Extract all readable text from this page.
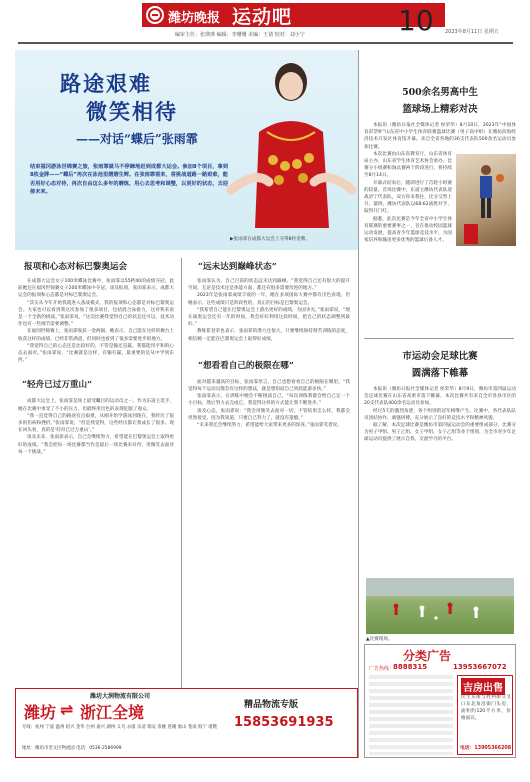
潍坊晚报 运动吧	10 2023年8月11日 星期五
编审主任：张瑛瑛 编辑：李珊珊 美编：王倩 校对：刘小宁
路途艰难
微笑相待
——对话“蝶后”张雨霏
结束福冈游泳世锦赛之旅，张雨霏就马不停蹄地赶到成都大运会。参加8个项目，拿到8枚金牌——“蝶后”再次在泳池里熠熠生辉。在张雨霏看来，将挑战道路一路艰难，能否用好心态对待，再次自由这么多年的磨炼，用心去思考和调整，以更好的状态，去迎接未来。
▶张雨霏在成都大运会上夺得8枚金牌。
报项和心态对标巴黎奥运会

在成都大运会女子100米蝶泳比赛中，张雨霏以55秒40的成绩夺冠，此前她还在福冈世锦赛女子200米蝶泳中夺冠。谈及报项，张雨霏表示，成都大运会的报项和心态都是对标巴黎奥运会。

“其实从今年开始我就进入备战模式，我的报项和心态都是对标巴黎奥运会。大家也可以看到我这次参加了很多项目，包括混合泳接力，这对我来说是一个全新的挑战。”张雨霏说，“这次比赛我觉得自己的状态还可以，技术动作也有一些细节需要调整。”

在福冈世锦赛上，张雨霏收获一金两铜。她表示，自己能在这样的舞台上收获这样的成绩，已经非常满意，但同时也看到了很多需要进步的地方。

“我觉得自己的心态还是比较好的，不管是输还是赢，我都能用平和的心态去面对。”张雨霏说，“比赛就是这样，有输有赢，最重要的是从中学到东西。”

“轻舟已过万重山”

成都大运会上，张雨霏是场上最受瞩目的运动员之一。作为东道主选手，她在比赛中承受了不小的压力，但最终用出色的表现征服了观众。

“我一直觉得自己的路途有点艰难，从刚开始学游泳到现在，我经历了很多的伤病和挫折。”张雨霏说，“但是我觉得，这些经历都让我成长了很多。现在回头看，真的是‘轻舟已过万重山’。”

谈及未来，张雨霏表示，自己会继续努力，希望能在巴黎奥运会上取得更好的成绩。“我会把每一场比赛都当作是最后一场比赛来对待，用微笑去面对每一个挑战。”

“远未达到巅峰状态”

张雨霏认为，自己目前的状态远未达到巅峰。“我觉得自己还有很大的提升空间，无论是技术还是体能方面，都还有很多需要改进的地方。”

2023年是张雨霏成绩丰收的一年，她在多项国际大赛中都有出色表现。但她表示，这些成绩只是阶段性的，真正的目标是巴黎奥运会。

“我希望自己能在巴黎奥运会上游出更好的成绩，为国争光。”张雨霏说，“现在离奥运会还有一年的时间，我会好好利用这段时间，把自己的状态调整到最好。”

教练崔登荣也表示，张雨霏的潜力还很大，只要继续保持刻苦训练的态度，相信她一定能在巴黎奥运会上取得好成绩。

“想看看自己的极限在哪”

面对越来越高的目标，张雨霏坦言，自己也想看看自己的极限在哪里。“我觉得每个运动员都会有这样的想法，就是想知道自己到底能游多快。”

张雨霏表示，在训练中她会不断挑战自己，“每次训练我都会给自己定一个小目标，然后努力去完成它。我觉得这样的方式能让我不断进步。”

谈及心态，张雨霏说：“我会用微笑去面对一切，不管结果怎么样，我都会坦然接受。因为我知道，只要自己努力了，就没有遗憾。”

“未来我还会继续努力，希望能给大家带来更多的惊喜。”张雨霏笑着说。

500余名男高中生
篮球场上精彩对决

本报讯（潍坊日报社全媒体记者 侯荣华）8月10日，2023年“中国体育彩票杯”山东省中小学生体育联赛篮球比赛（男子高中组）在潍坊滨海经济技术开发区体育馆开幕。来自全省各地的36支代表队500余名运动员参加比赛。

本次比赛由山东省教育厅、山东省体育局主办，山东省学生体育艺术协会承办。比赛分小组赛和淘汰赛两个阶段进行，将持续至8月14日。

开幕式结束后，随即进行了首轮小组赛的较量。首场比赛中，东道主潍坊代表队迎战济宁代表队，双方你来我往，比分交替上升。最终，潍坊代表队以68:62战胜对手，取得开门红。

据悉，此次比赛是今年全省中小学生体育联赛的重要赛事之一，旨在推动校园篮球运动发展，提高青少年篮球竞技水平，为国家培养和输送更多优秀的篮球后备人才。

市运动会足球比赛
圆满落下帷幕

本报讯（潍坊日报社全媒体记者 侯荣华）8月9日，潍坊市第四届运动会足球比赛在山东省高密市落下帷幕。本次比赛共有来自全市各县市区的20支代表队400余名运动员参加。

经过5天的激烈角逐，各个组别的冠军相继产生。比赛中，各代表队队员团结协作、顽强拼搏，充分展示了良好的竞技水平和精神风貌。

据了解，本次足球比赛是潍坊市第四届运动会的重要组成部分，比赛分为男子甲组、男子乙组、女子甲组、女子乙组等多个组别，为全市青少年足球运动员提供了展示自我、交流学习的平台。

▲比赛现场。
分类广告
广告热线：
8888315	13953667072
吉房出售
民生东街与胜利街交叉口东北角沿街门头房，面积约120平方米，价格面议。
电话：13905366208
潍坊大润物流有限公司
潍坊 ⇌ 浙江全境	精品物流专版
15853691935
专线：杭州 宁波 温州 绍兴 金华 台州 嘉兴 湖州 义乌 永康 乐清 瑞安 余姚 慈溪 象山 苍南 海宁 诸暨
地址：潍坊市奎文区物流园 电话：0536-2586999
